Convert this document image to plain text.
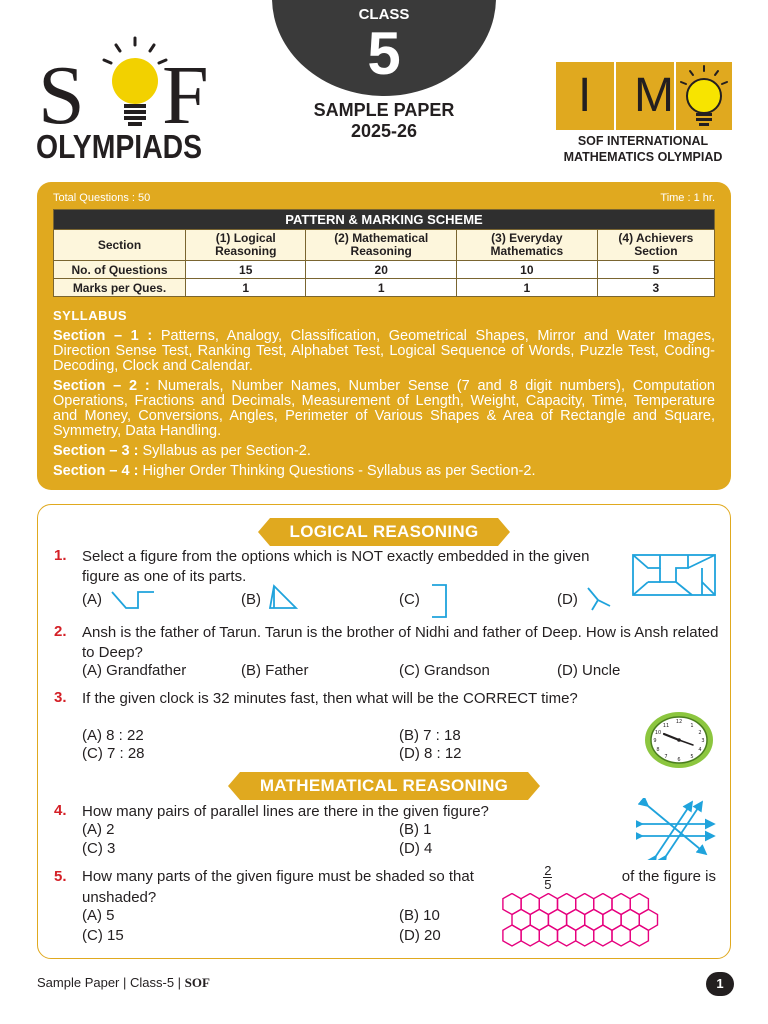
S F
OLYMPIADS
CLASS
5
SAMPLE PAPER
2025-26
I M
SOF INTERNATIONAL
MATHEMATICS OLYMPIAD
Total Questions : 50	Time : 1 hr.
PATTERN & MARKING SCHEME				
Section	(1) Logical Reasoning	(2) Mathematical Reasoning	(3) Everyday Mathematics	(4) Achievers Section
No. of Questions	15	20	10	5
Marks per Ques.	1	1	1	3
SYLLABUS

Section – 1 : Patterns, Analogy, Classification, Geometrical Shapes, Mirror and Water Images, Direction Sense Test, Ranking Test, Alphabet Test, Logical Sequence of Words, Puzzle Test, Coding-Decoding, Clock and Calendar.

Section – 2 : Numerals, Number Names, Number Sense (7 and 8 digit numbers), Computation Operations, Fractions and Decimals, Measurement of Length, Weight, Capacity, Time, Temperature and Money, Conversions, Angles, Perimeter of Various Shapes & Area of Rectangle and Square, Symmetry, Data Handling.

Section – 3 : Syllabus as per Section-2.

Section – 4 : Higher Order Thinking Questions - Syllabus as per Section-2.

LOGICAL REASONING
1. Select a figure from the options which is NOT exactly embedded in the given figure as one of its parts.
(A)	(B)	(C)	(D)
2. Ansh is the father of Tarun. Tarun is the brother of Nidhi and father of Deep. How is Ansh related to Deep?
(A) Grandfather	(B) Father	(C) Grandson	(D) Uncle
3. If the given clock is 32 minutes fast, then what will be the CORRECT time?
(A) 8 : 22	(B) 7 : 18
(C) 7 : 28	(D) 8 : 12
12
1
2
3
4
5
6
7
8
9
10
11
MATHEMATICAL REASONING
4. How many pairs of parallel lines are there in the given figure?
(A) 2	(B) 1
(C) 3	(D) 4
5. How many parts of the given figure must be shaded so that	$\frac{2}{5}$	of the figure is
unshaded?
(A) 5	(B) 10
(C) 15	(D) 20
Sample Paper | Class-5 | SOF	1
